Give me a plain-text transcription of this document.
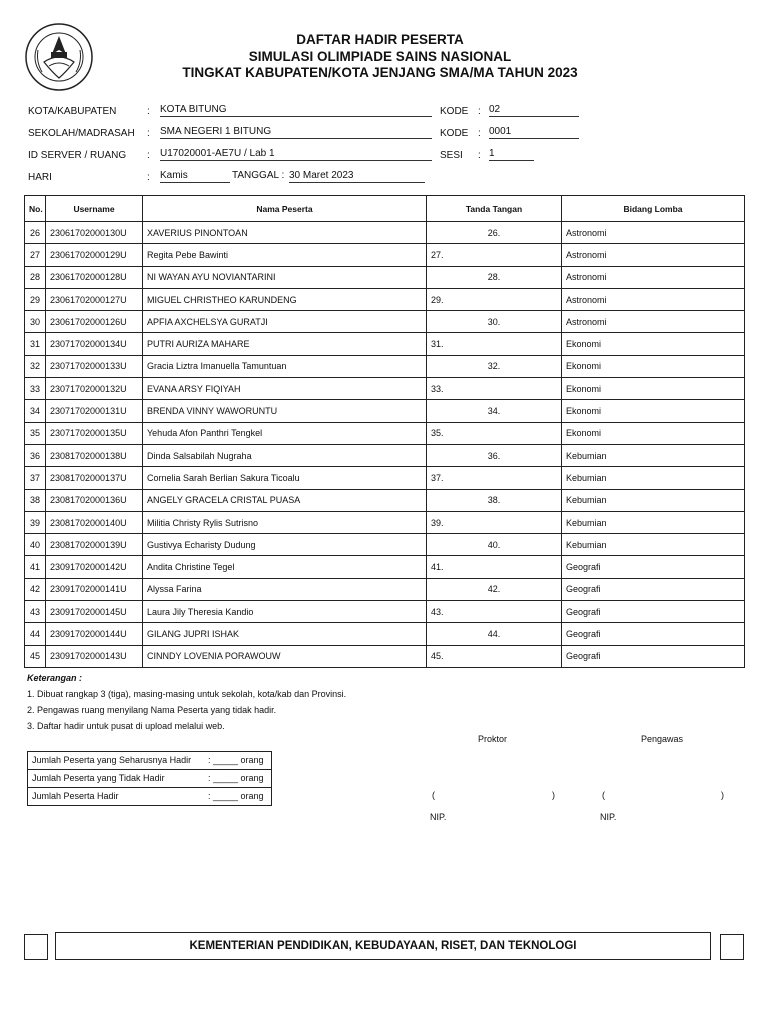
DAFTAR HADIR PESERTA
SIMULASI OLIMPIADE SAINS NASIONAL
TINGKAT KABUPATEN/KOTA JENJANG SMA/MA TAHUN 2023
KOTA/KABUPATEN	: KOTA BITUNG
SEKOLAH/MADRASAH : SMA NEGERI 1 BITUNG
ID SERVER / RUANG : U17020001-AE7U / Lab 1
HARI	: Kamis	TANGGAL : 30 Maret 2023
KODE : 02
KODE : 0001
SESI : 1
No.	Username	Nama Peserta	Tanda Tangan	Bidang Lomba
26	23061702000130U	XAVERIUS PINONTOAN	26.	Astronomi
27	23061702000129U	Regita Pebe Bawinti	27.	Astronomi
28	23061702000128U	NI WAYAN AYU NOVIANTARINI	28.	Astronomi
29	23061702000127U	MIGUEL CHRISTHEO KARUNDENG	29.	Astronomi
30	23061702000126U	APFIA AXCHELSYA GURATJI	30.	Astronomi
31	23071702000134U	PUTRI AURIZA MAHARE	31.	Ekonomi
32	23071702000133U	Gracia Liztra Imanuella Tamuntuan	32.	Ekonomi
33	23071702000132U	EVANA ARSY FIQIYAH	33.	Ekonomi
34	23071702000131U	BRENDA VINNY WAWORUNTU	34.	Ekonomi
35	23071702000135U	Yehuda Afon Panthri Tengkel	35.	Ekonomi
36	23081702000138U	Dinda Salsabilah Nugraha	36.	Kebumian
37	23081702000137U	Cornelia Sarah Berlian Sakura Ticoalu	37.	Kebumian
38	23081702000136U	ANGELY GRACELA CRISTAL PUASA	38.	Kebumian
39	23081702000140U	Militia Christy Rylis Sutrisno	39.	Kebumian
40	23081702000139U	Gustivya Echaristy Dudung	40.	Kebumian
41	23091702000142U	Andita Christine Tegel	41.	Geografi
42	23091702000141U	Alyssa Farina	42.	Geografi
43	23091702000145U	Laura Jily Theresia Kandio	43.	Geografi
44	23091702000144U	GILANG JUPRI ISHAK	44.	Geografi
45	23091702000143U	CINNDY LOVENIA PORAWOUW	45.	Geografi
Keterangan :
1. Dibuat rangkap 3 (tiga), masing-masing untuk sekolah, kota/kab dan Provinsi.
2. Pengawas ruang menyilang Nama Peserta yang tidak hadir.
3. Daftar hadir untuk pusat di upload melalui web.
Jumlah Peserta yang Seharusnya Hadir : _____ orang
Jumlah Peserta yang Tidak Hadir	: _____ orang
Jumlah Peserta Hadir	: _____ orang
Proktor	Pengawas
(	)	(	)
NIP.	NIP.
KEMENTERIAN PENDIDIKAN, KEBUDAYAAN, RISET, DAN TEKNOLOGI
